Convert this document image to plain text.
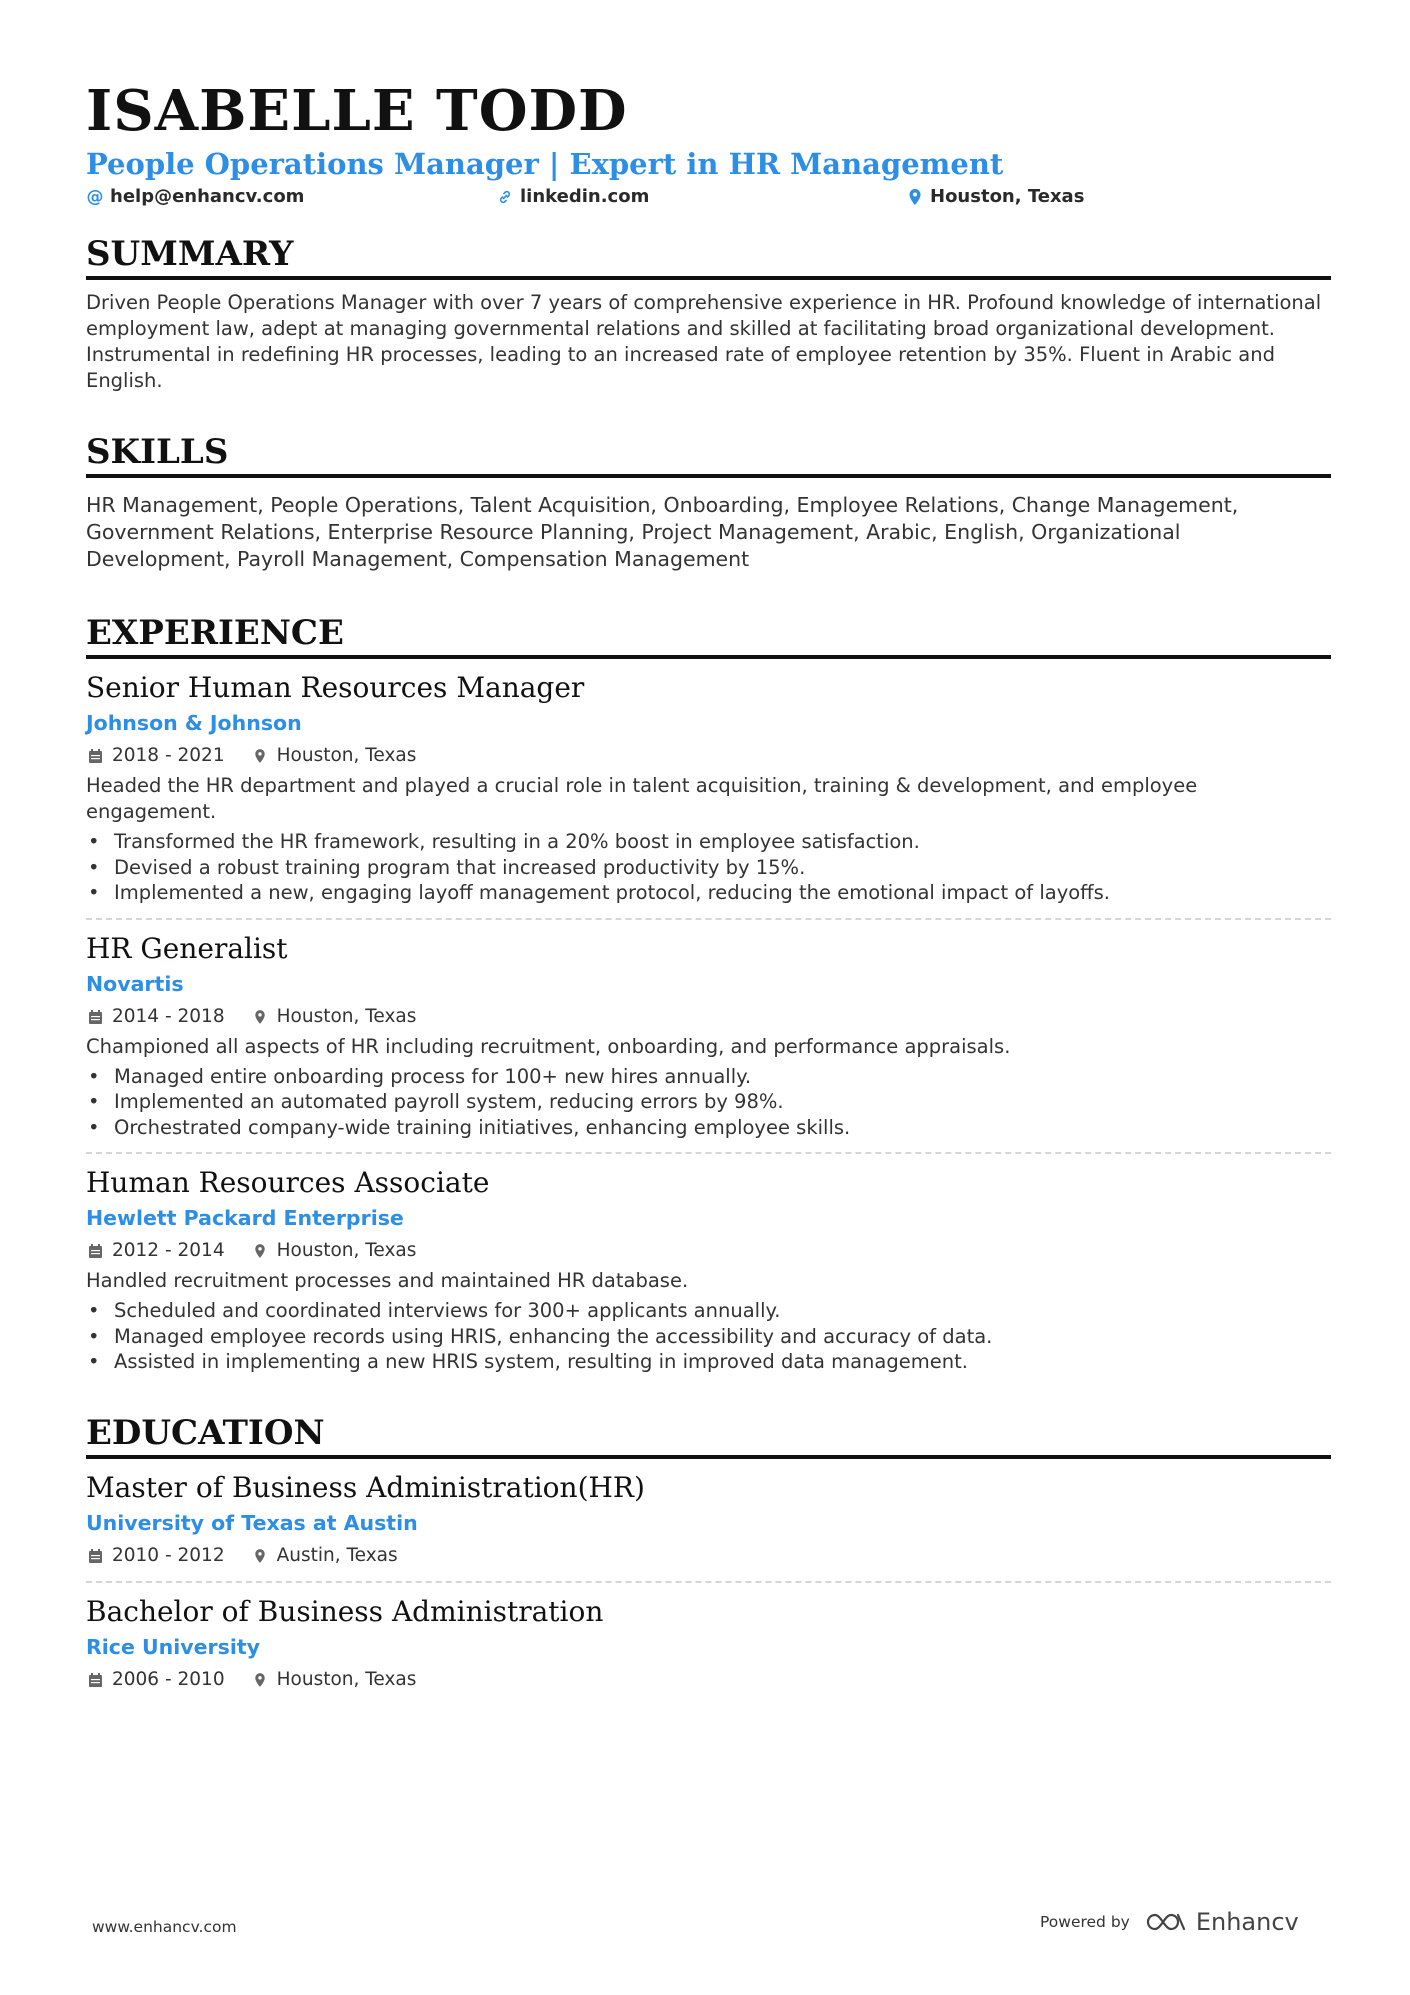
ISABELLE TODD
People Operations Manager | Expert in HR Management
@ help@enhancv.com	linkedin.com	Houston, Texas
SUMMARY
Driven People Operations Manager with over 7 years of comprehensive experience in HR. Profound knowledge of international employment law, adept at managing governmental relations and skilled at facilitating broad organizational development. Instrumental in redefining HR processes, leading to an increased rate of employee retention by 35%. Fluent in Arabic and English.
SKILLS
HR Management, People Operations, Talent Acquisition, Onboarding, Employee Relations, Change Management, Government Relations, Enterprise Resource Planning, Project Management, Arabic, English, Organizational Development, Payroll Management, Compensation Management
EXPERIENCE
Senior Human Resources Manager
Johnson & Johnson
2018 - 2021	Houston, Texas
Headed the HR department and played a crucial role in talent acquisition, training & development, and employee engagement.
• Transformed the HR framework, resulting in a 20% boost in employee satisfaction.
• Devised a robust training program that increased productivity by 15%.
• Implemented a new, engaging layoff management protocol, reducing the emotional impact of layoffs.
HR Generalist
Novartis
2014 - 2018	Houston, Texas
Championed all aspects of HR including recruitment, onboarding, and performance appraisals.
• Managed entire onboarding process for 100+ new hires annually.
• Implemented an automated payroll system, reducing errors by 98%.
• Orchestrated company-wide training initiatives, enhancing employee skills.
Human Resources Associate
Hewlett Packard Enterprise
2012 - 2014	Houston, Texas
Handled recruitment processes and maintained HR database.
• Scheduled and coordinated interviews for 300+ applicants annually.
• Managed employee records using HRIS, enhancing the accessibility and accuracy of data.
• Assisted in implementing a new HRIS system, resulting in improved data management.
EDUCATION
Master of Business Administration(HR)
University of Texas at Austin
2010 - 2012	Austin, Texas
Bachelor of Business Administration
Rice University
2006 - 2010	Houston, Texas
www.enhancv.com	Powered by	Enhancv
